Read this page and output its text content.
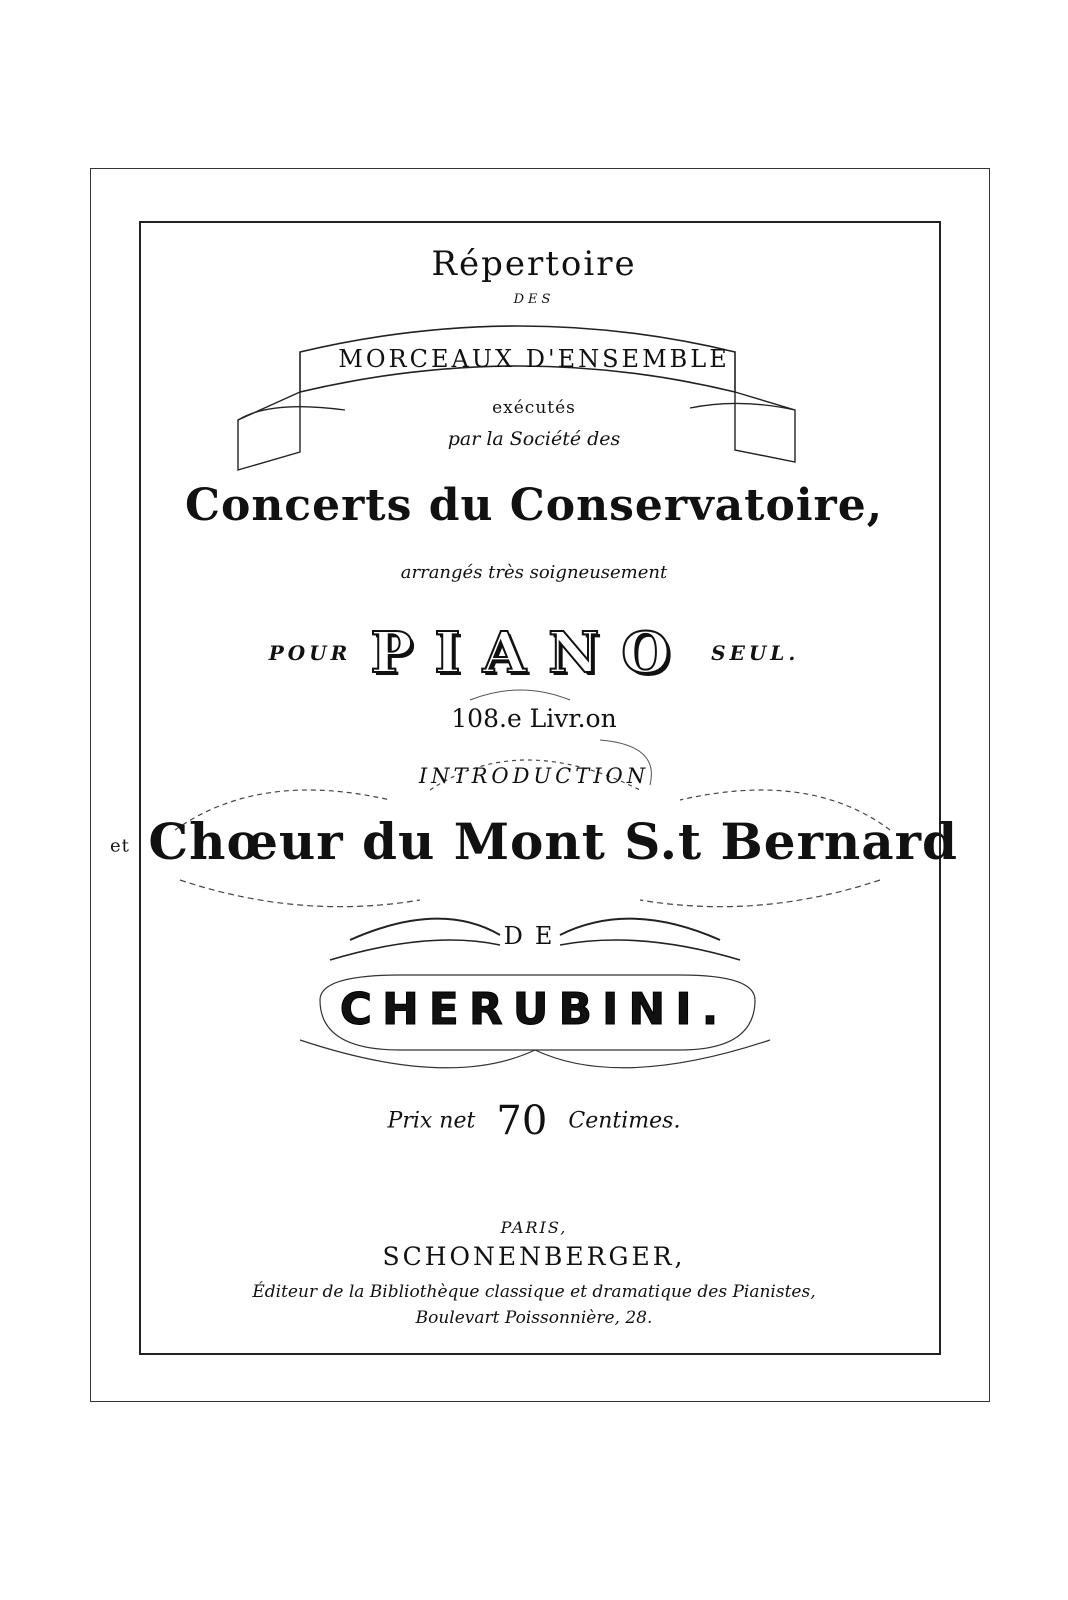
Répertoire
DES
MORCEAUX D'ENSEMBLE
exécutés
par la Société des
Concerts du Conservatoire,
arrangés très soigneusement
POUR PIANO SEUL.
108.e Livr.on
INTRODUCTION
et Chœur du Mont S.t Bernard
DE
CHERUBINI.
Prix net 70 Centimes.
PARIS,
SCHONENBERGER,
Éditeur de la Bibliothèque classique et dramatique des Pianistes,
Boulevart Poissonnière, 28.
